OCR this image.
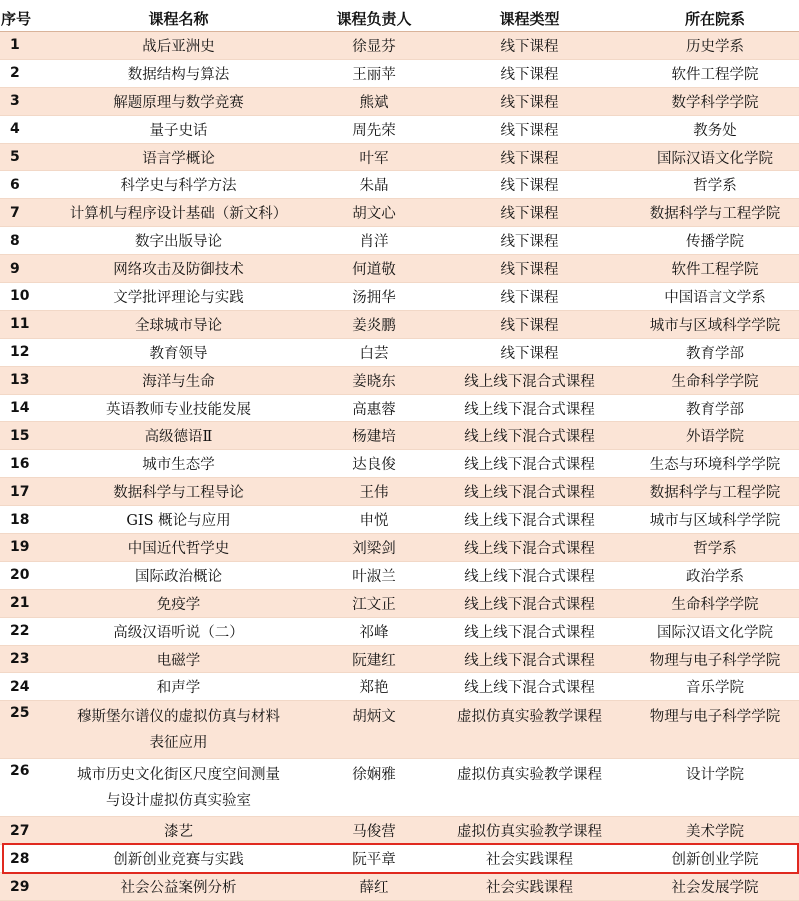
序号	课程名称	课程负责人	课程类型	所在院系
1	战后亚洲史	徐显芬	线下课程	历史学系
2	数据结构与算法	王丽苹	线下课程	软件工程学院
3	解题原理与数学竞赛	熊斌	线下课程	数学科学学院
4	量子史话	周先荣	线下课程	教务处
5	语言学概论	叶军	线下课程	国际汉语文化学院
6	科学史与科学方法	朱晶	线下课程	哲学系
7	计算机与程序设计基础（新文科）	胡文心	线下课程	数据科学与工程学院
8	数字出版导论	肖洋	线下课程	传播学院
9	网络攻击及防御技术	何道敬	线下课程	软件工程学院
10	文学批评理论与实践	汤拥华	线下课程	中国语言文学系
11	全球城市导论	姜炎鹏	线下课程	城市与区域科学学院
12	教育领导	白芸	线下课程	教育学部
13	海洋与生命	姜晓东	线上线下混合式课程	生命科学学院
14	英语教师专业技能发展	高惠蓉	线上线下混合式课程	教育学部
15	高级德语Ⅱ	杨建培	线上线下混合式课程	外语学院
16	城市生态学	达良俊	线上线下混合式课程	生态与环境科学学院
17	数据科学与工程导论	王伟	线上线下混合式课程	数据科学与工程学院
18	GIS 概论与应用	申悦	线上线下混合式课程	城市与区域科学学院
19	中国近代哲学史	刘梁剑	线上线下混合式课程	哲学系
20	国际政治概论	叶淑兰	线上线下混合式课程	政治学系
21	免疫学	江文正	线上线下混合式课程	生命科学学院
22	高级汉语听说（二）	祁峰	线上线下混合式课程	国际汉语文化学院
23	电磁学	阮建红	线上线下混合式课程	物理与电子科学学院
24	和声学	郑艳	线上线下混合式课程	音乐学院
25	穆斯堡尔谱仪的虚拟仿真与材料
表征应用	胡炳文	虚拟仿真实验教学课程	物理与电子科学学院
26	城市历史文化街区尺度空间测量
与设计虚拟仿真实验室	徐娴雅	虚拟仿真实验教学课程	设计学院
27	漆艺	马俊营	虚拟仿真实验教学课程	美术学院
28	创新创业竞赛与实践	阮平章	社会实践课程	创新创业学院
29	社会公益案例分析	薛红	社会实践课程	社会发展学院
